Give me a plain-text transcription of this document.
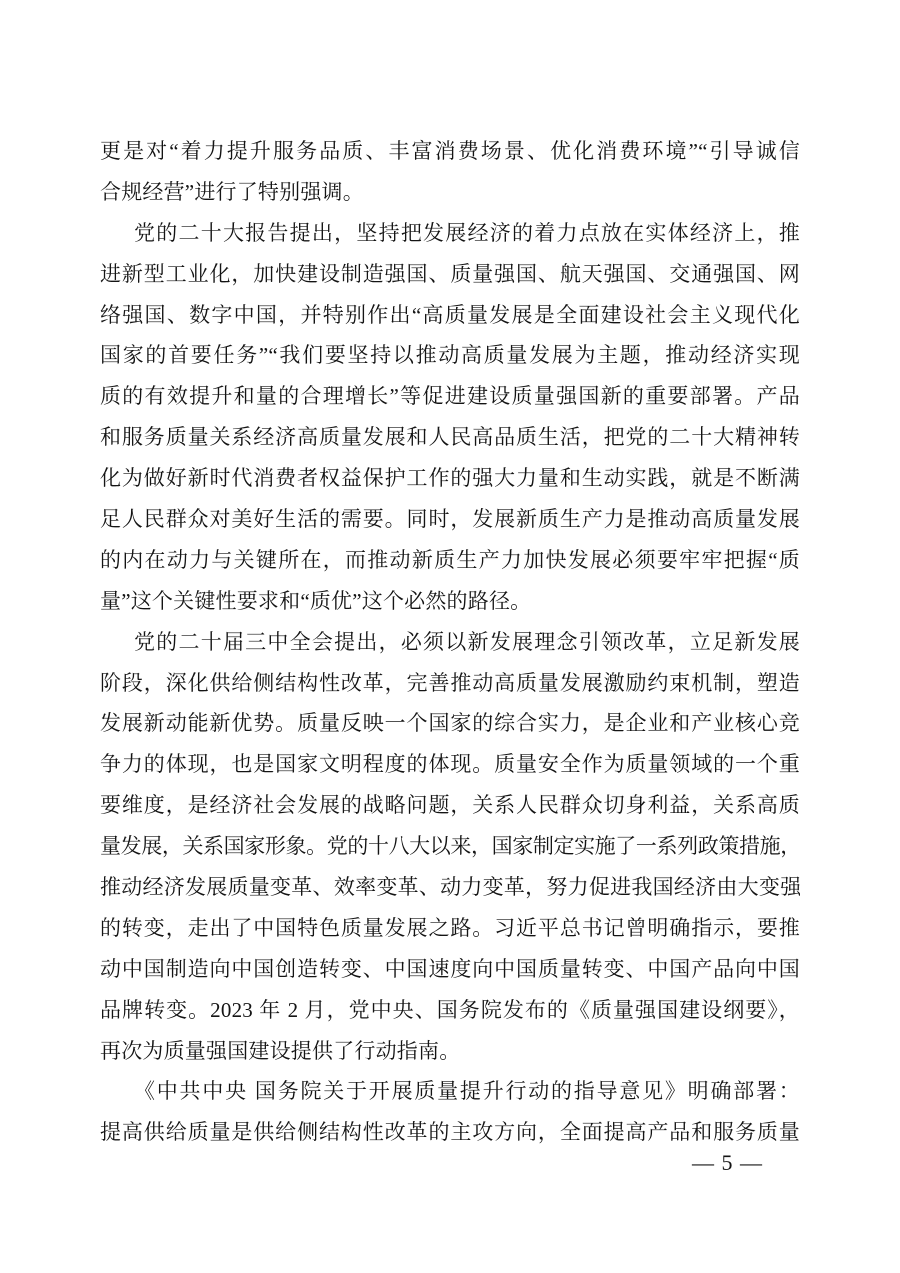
更是对“着力提升服务品质、丰富消费场景、优化消费环境”“引导诚信
合规经营”进行了特别强调。
党的二十大报告提出，坚持把发展经济的着力点放在实体经济上，推
进新型工业化，加快建设制造强国、质量强国、航天强国、交通强国、网
络强国、数字中国，并特别作出“高质量发展是全面建设社会主义现代化
国家的首要任务”“我们要坚持以推动高质量发展为主题，推动经济实现
质的有效提升和量的合理增长”等促进建设质量强国新的重要部署。产品
和服务质量关系经济高质量发展和人民高品质生活，把党的二十大精神转
化为做好新时代消费者权益保护工作的强大力量和生动实践，就是不断满
足人民群众对美好生活的需要。同时，发展新质生产力是推动高质量发展
的内在动力与关键所在，而推动新质生产力加快发展必须要牢牢把握“质
量”这个关键性要求和“质优”这个必然的路径。
党的二十届三中全会提出，必须以新发展理念引领改革，立足新发展
阶段，深化供给侧结构性改革，完善推动高质量发展激励约束机制，塑造
发展新动能新优势。质量反映一个国家的综合实力，是企业和产业核心竞
争力的体现，也是国家文明程度的体现。质量安全作为质量领域的一个重
要维度，是经济社会发展的战略问题，关系人民群众切身利益，关系高质
量发展，关系国家形象。党的十八大以来，国家制定实施了一系列政策措施，
推动经济发展质量变革、效率变革、动力变革，努力促进我国经济由大变强
的转变，走出了中国特色质量发展之路。习近平总书记曾明确指示，要推
动中国制造向中国创造转变、中国速度向中国质量转变、中国产品向中国
品牌转变。2023 年 2 月，党中央、国务院发布的《质量强国建设纲要》，
再次为质量强国建设提供了行动指南。
《中共中央 国务院关于开展质量提升行动的指导意见》明确部署：
提高供给质量是供给侧结构性改革的主攻方向，全面提高产品和服务质量
— 5 —
